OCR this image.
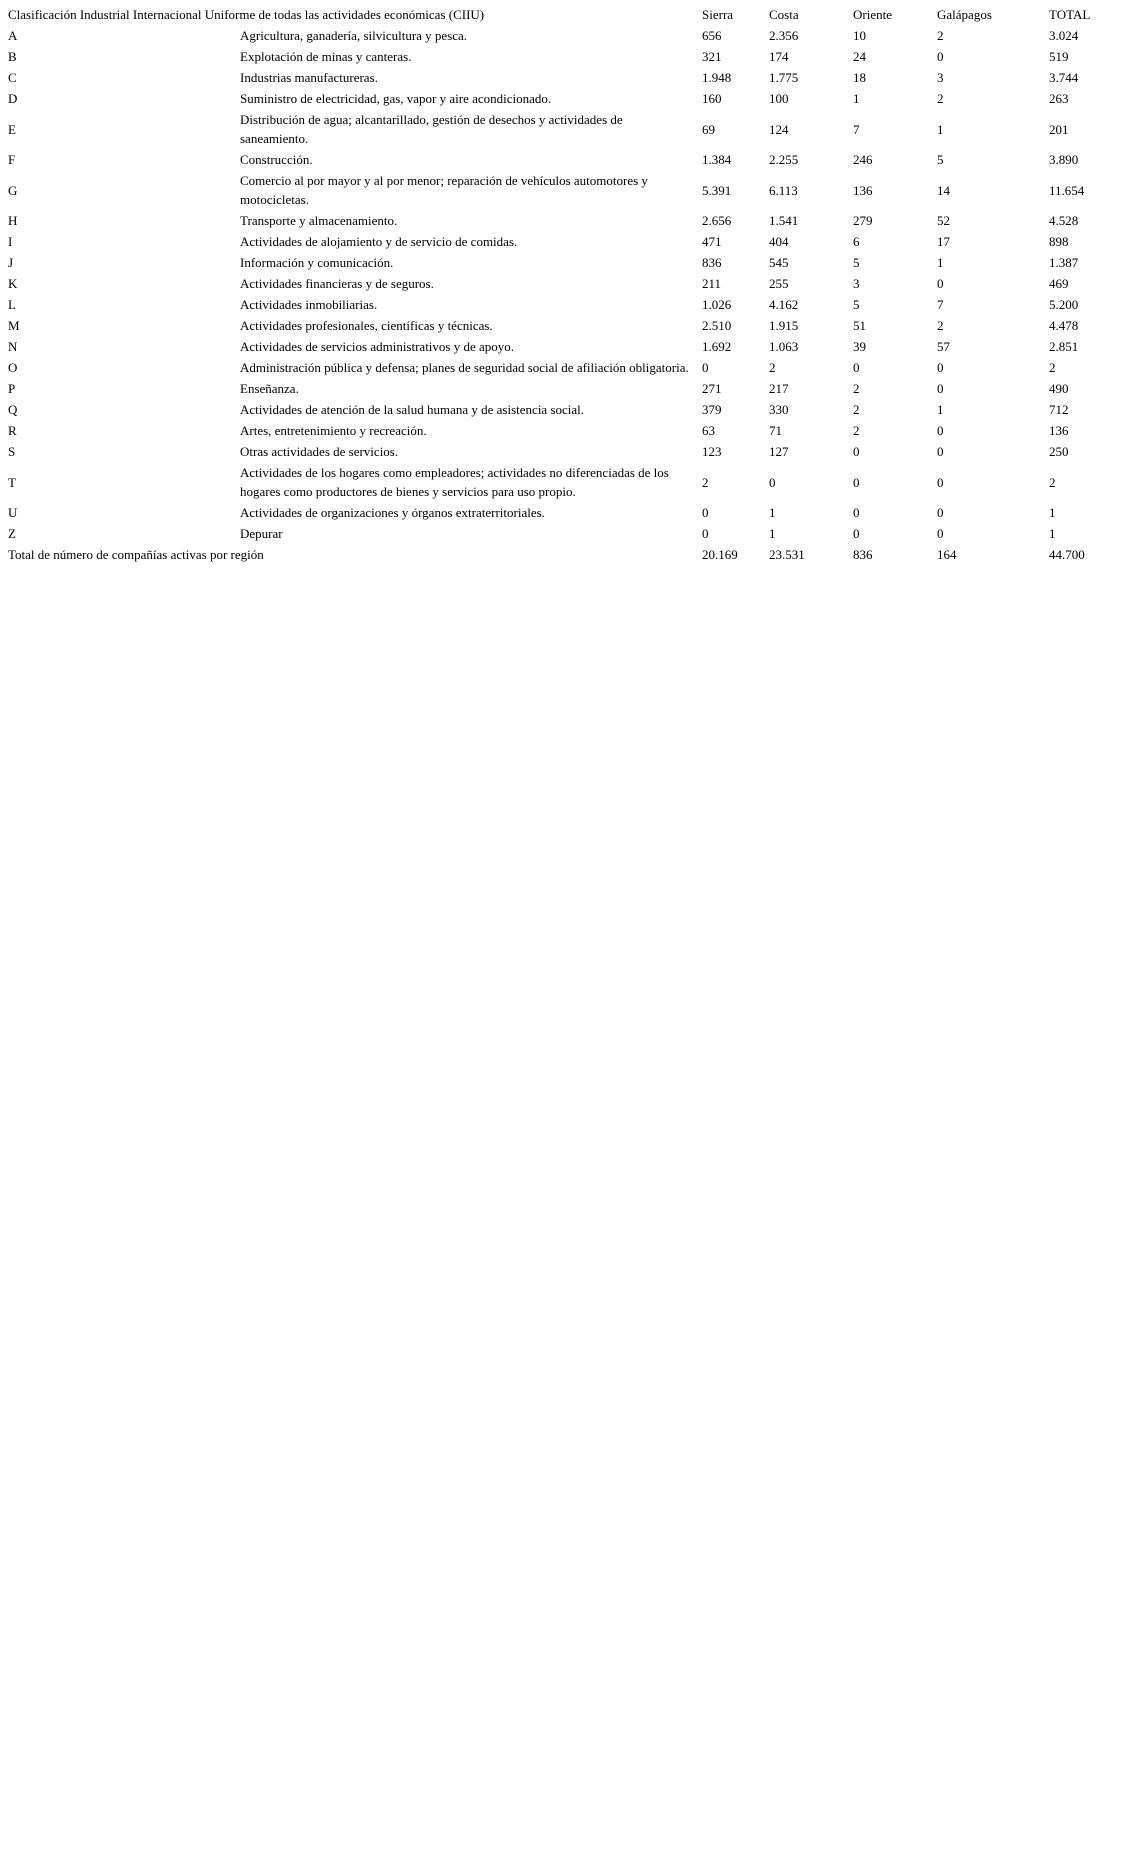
Clasificación Industrial Internacional Uniforme de todas las actividades económicas (CIIU)		Sierra	Costa	Oriente	Galápagos	TOTAL
A	Agricultura, ganadería, silvicultura y pesca.	656	2.356	10	2	3.024
B	Explotación de minas y canteras.	321	174	24	0	519
C	Industrias manufactureras.	1.948	1.775	18	3	3.744
D	Suministro de electricidad, gas, vapor y aire acondicionado.	160	100	1	2	263
E	Distribución de agua; alcantarillado, gestión de desechos y actividades de saneamiento.	69	124	7	1	201
F	Construcción.	1.384	2.255	246	5	3.890
G	Comercio al por mayor y al por menor; reparación de vehículos automotores y motocicletas.	5.391	6.113	136	14	11.654
H	Transporte y almacenamiento.	2.656	1.541	279	52	4.528
I	Actividades de alojamiento y de servicio de comidas.	471	404	6	17	898
J	Información y comunicación.	836	545	5	1	1.387
K	Actividades financieras y de seguros.	211	255	3	0	469
L	Actividades inmobiliarias.	1.026	4.162	5	7	5.200
M	Actividades profesionales, científicas y técnicas.	2.510	1.915	51	2	4.478
N	Actividades de servicios administrativos y de apoyo.	1.692	1.063	39	57	2.851
O	Administración pública y defensa; planes de seguridad social de afiliación obligatoria.	0	2	0	0	2
P	Enseñanza.	271	217	2	0	490
Q	Actividades de atención de la salud humana y de asistencia social.	379	330	2	1	712
R	Artes, entretenimiento y recreación.	63	71	2	0	136
S	Otras actividades de servicios.	123	127	0	0	250
T	Actividades de los hogares como empleadores; actividades no diferenciadas de los hogares como productores de bienes y servicios para uso propio.	2	0	0	0	2
U	Actividades de organizaciones y órganos extraterritoriales.	0	1	0	0	1
Z	Depurar	0	1	0	0	1
Total de número de compañías activas por región		20.169	23.531	836	164	44.700
